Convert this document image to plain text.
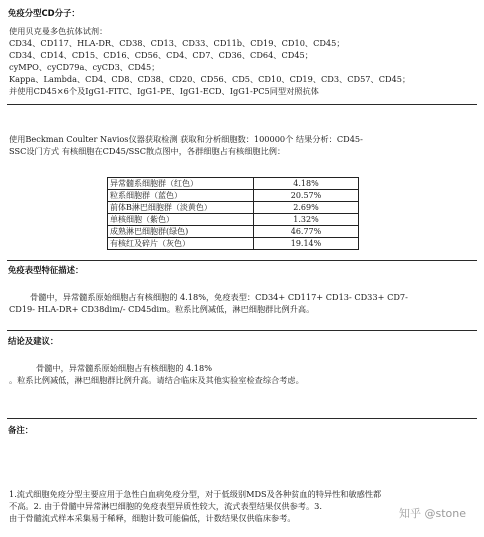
免疫分型CD分子：
使用贝克曼多色抗体试剂：
CD34、CD117、HLA-DR、CD38、CD13、CD33、CD11b、CD19、CD10、CD45；
CD34、CD14、CD15、CD16、CD56、CD4、CD7、CD36、CD64、CD45；
cyMPO、cyCD79a、cyCD3、CD45；
Kappa、Lambda、CD4、CD8、CD38、CD20、CD56、CD5、CD10、CD19、CD3、CD57、CD45；
并使用CD45×6个及IgG1-FITC、IgG1-PE、IgG1-ECD、IgG1-PC5同型对照抗体
使用Beckman Coulter Navios仪器获取检测 获取和分析细胞数：100000个 结果分析：CD45-
SSC设门方式 有核细胞在CD45/SSC散点图中，各群细胞占有核细胞比例：
异常髓系细胞群（红色）	4.18%
粒系细胞群（蓝色）	20.57%
前体B淋巴细胞群（淡黄色）	2.69%
单核细胞（紫色）	1.32%
成熟淋巴细胞群(绿色)	46.77%
有核红及碎片（灰色）	19.14%
免疫表型特征描述：
骨髓中，异常髓系原始细胞占有核细胞的 4.18%，免疫表型：CD34+ CD117+ CD13- CD33+ CD7-
CD19- HLA-DR+ CD38dim/- CD45dim。粒系比例减低，淋巴细胞群比例升高。
结论及建议：
骨髓中，异常髓系原始细胞占有核细胞的 4.18%
。粒系比例减低，淋巴细胞群比例升高。请结合临床及其他实验室检查综合考虑。
备注：
1.流式细胞免疫分型主要应用于急性白血病免疫分型，对于低级别MDS及各种贫血的特异性和敏感性都
不高。2. 由于骨髓中异常淋巴细胞的免疫表型异质性较大，流式表型结果仅供参考。3.
由于骨髓流式样本采集易于稀释，细胞计数可能偏低，计数结果仅供临床参考。	知乎 @stone
